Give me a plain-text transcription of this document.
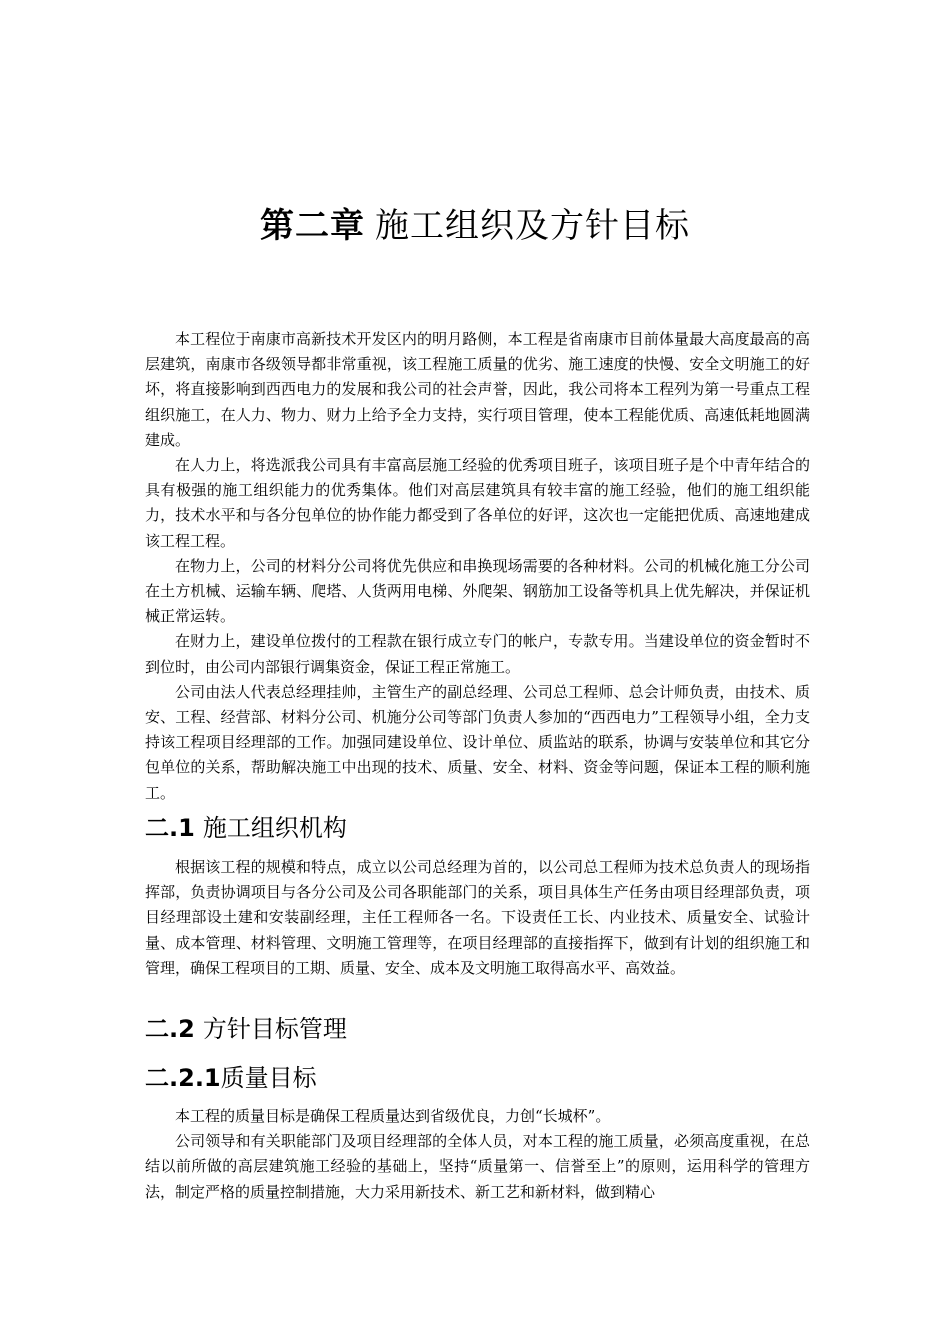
第二章 施工组织及方针目标

本工程位于南康市高新技术开发区内的明月路侧，本工程是省南康市目前体量最大高度最高的高层建筑，南康市各级领导都非常重视，该工程施工质量的优劣、施工速度的快慢、安全文明施工的好坏，将直接影响到西西电力的发展和我公司的社会声誉，因此，我公司将本工程列为第一号重点工程组织施工，在人力、物力、财力上给予全力支持，实行项目管理，使本工程能优质、高速低耗地圆满建成。

在人力上，将选派我公司具有丰富高层施工经验的优秀项目班子，该项目班子是个中青年结合的具有极强的施工组织能力的优秀集体。他们对高层建筑具有较丰富的施工经验，他们的施工组织能力，技术水平和与各分包单位的协作能力都受到了各单位的好评，这次也一定能把优质、高速地建成该工程工程。

在物力上，公司的材料分公司将优先供应和串换现场需要的各种材料。公司的机械化施工分公司在土方机械、运输车辆、爬塔、人货两用电梯、外爬架、钢筋加工设备等机具上优先解决，并保证机械正常运转。

在财力上，建设单位拨付的工程款在银行成立专门的帐户，专款专用。当建设单位的资金暂时不到位时，由公司内部银行调集资金，保证工程正常施工。

公司由法人代表总经理挂帅，主管生产的副总经理、公司总工程师、总会计师负责，由技术、质安、工程、经营部、材料分公司、机施分公司等部门负责人参加的“西西电力”工程领导小组，全力支持该工程项目经理部的工作。加强同建设单位、设计单位、质监站的联系，协调与安装单位和其它分包单位的关系，帮助解决施工中出现的技术、质量、安全、材料、资金等问题，保证本工程的顺利施工。

二.1 施工组织机构

根据该工程的规模和特点，成立以公司总经理为首的，以公司总工程师为技术总负责人的现场指挥部，负责协调项目与各分公司及公司各职能部门的关系，项目具体生产任务由项目经理部负责，项目经理部设土建和安装副经理，主任工程师各一名。下设责任工长、内业技术、质量安全、试验计量、成本管理、材料管理、文明施工管理等，在项目经理部的直接指挥下，做到有计划的组织施工和管理，确保工程项目的工期、质量、安全、成本及文明施工取得高水平、高效益。

二.2 方针目标管理
二.2.1质量目标

本工程的质量目标是确保工程质量达到省级优良，力创“长城杯”。

公司领导和有关职能部门及项目经理部的全体人员，对本工程的施工质量，必须高度重视，在总结以前所做的高层建筑施工经验的基础上，坚持“质量第一、信誉至上”的原则，运用科学的管理方法，制定严格的质量控制措施，大力采用新技术、新工艺和新材料，做到精心
